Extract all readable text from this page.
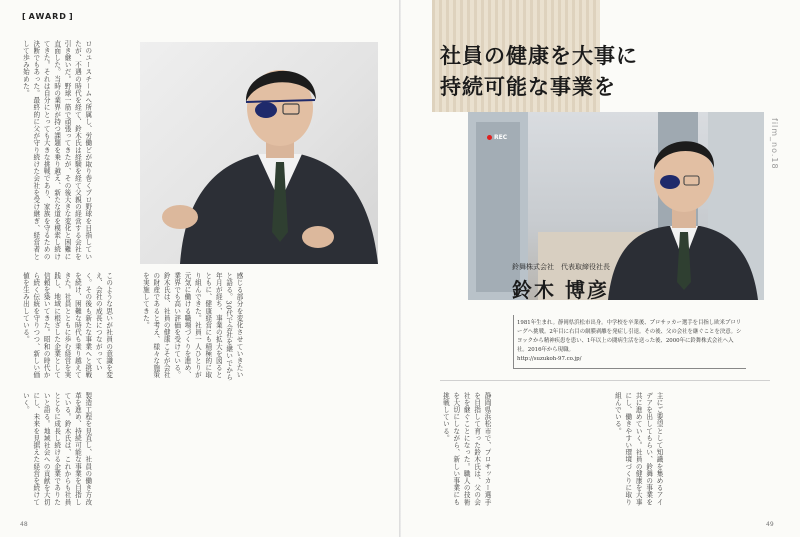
[ AWARD ]

ロのユースチームへ所属し、労働どが取り巻くプロ野球を目指していたが、不遇の時代を経て、鈴木氏は経験を経て父親の経営する会社を引き継いだ。野球一筋で頑張ってきたが、その後大きな変化と困難に直面した。当時の業界が持つ課題を乗り越え、新たな道を模索し続けてきた。それは自分にとっても大きな挑戦であり、家族を守るための決断でもあった。最終的に父が守り続けた会社を受け継ぎ、経営者として歩み始めた。

このような思いが社員の意識を変え、会社の成長につながっていく。その後も新たな事業へと挑戦を続け、困難な時代も乗り越えてきた。社員とともに歩む経営を実践し、地域に根ざした企業として信頼を築いてきた。昭和の時代から続く伝統を守りつつ、新しい価値を生み出している。	感じる部分を変化させていきたいと語る。30代で会社を継いでから年月が経ち、事業の拡大を図るとともに、健康経営にも積極的に取り組んできた。社員一人ひとりが元気に働ける職場づくりを進め、業界でも高い評価を受けている。鈴木氏は、社員の健康こそが会社の財産であると考え、様々な施策を実施してきた。

製造工程を見直し、社員の働き方改革を進め、持続可能な事業を目指している。鈴木氏は、これからも社員とともに成長し続ける企業でありたいと語る。地域社会への貢献を大切にし、未来を見据えた経営を続けていく。

48
社員の健康を大事に
持続可能な事業を
REC	film_no.18
鈴舞株式会社　代表取締役社長
鈴木 博彦
1981年生まれ。静岡県浜松市出身。中学校を卒業後、プロサッカー選手を目指し欧米プロリーグへ挑戦。2年目に右目の網膜剥離を発症し引退。その後、父の会社を継ぐことを決意。シヨックから精神疾患を患い、1年以上の闘病生活を送った後、2000年に鈴舞株式会社へ入社。2016年から現職。
http://suzukoh-97.co.jp/

静岡県浜松市で、プロサッカー選手を目指して育った鈴木氏は、父の会社を継ぐことになった。職人の技術を大切にしながら、新しい事業にも挑戦している。	主にご要望として知識を集めるアイデアを出してもらい、鈴舞の事業を共に進めていく。社員の健康を大事にし、働きやすい環境づくりに取り組んでいる。

49
